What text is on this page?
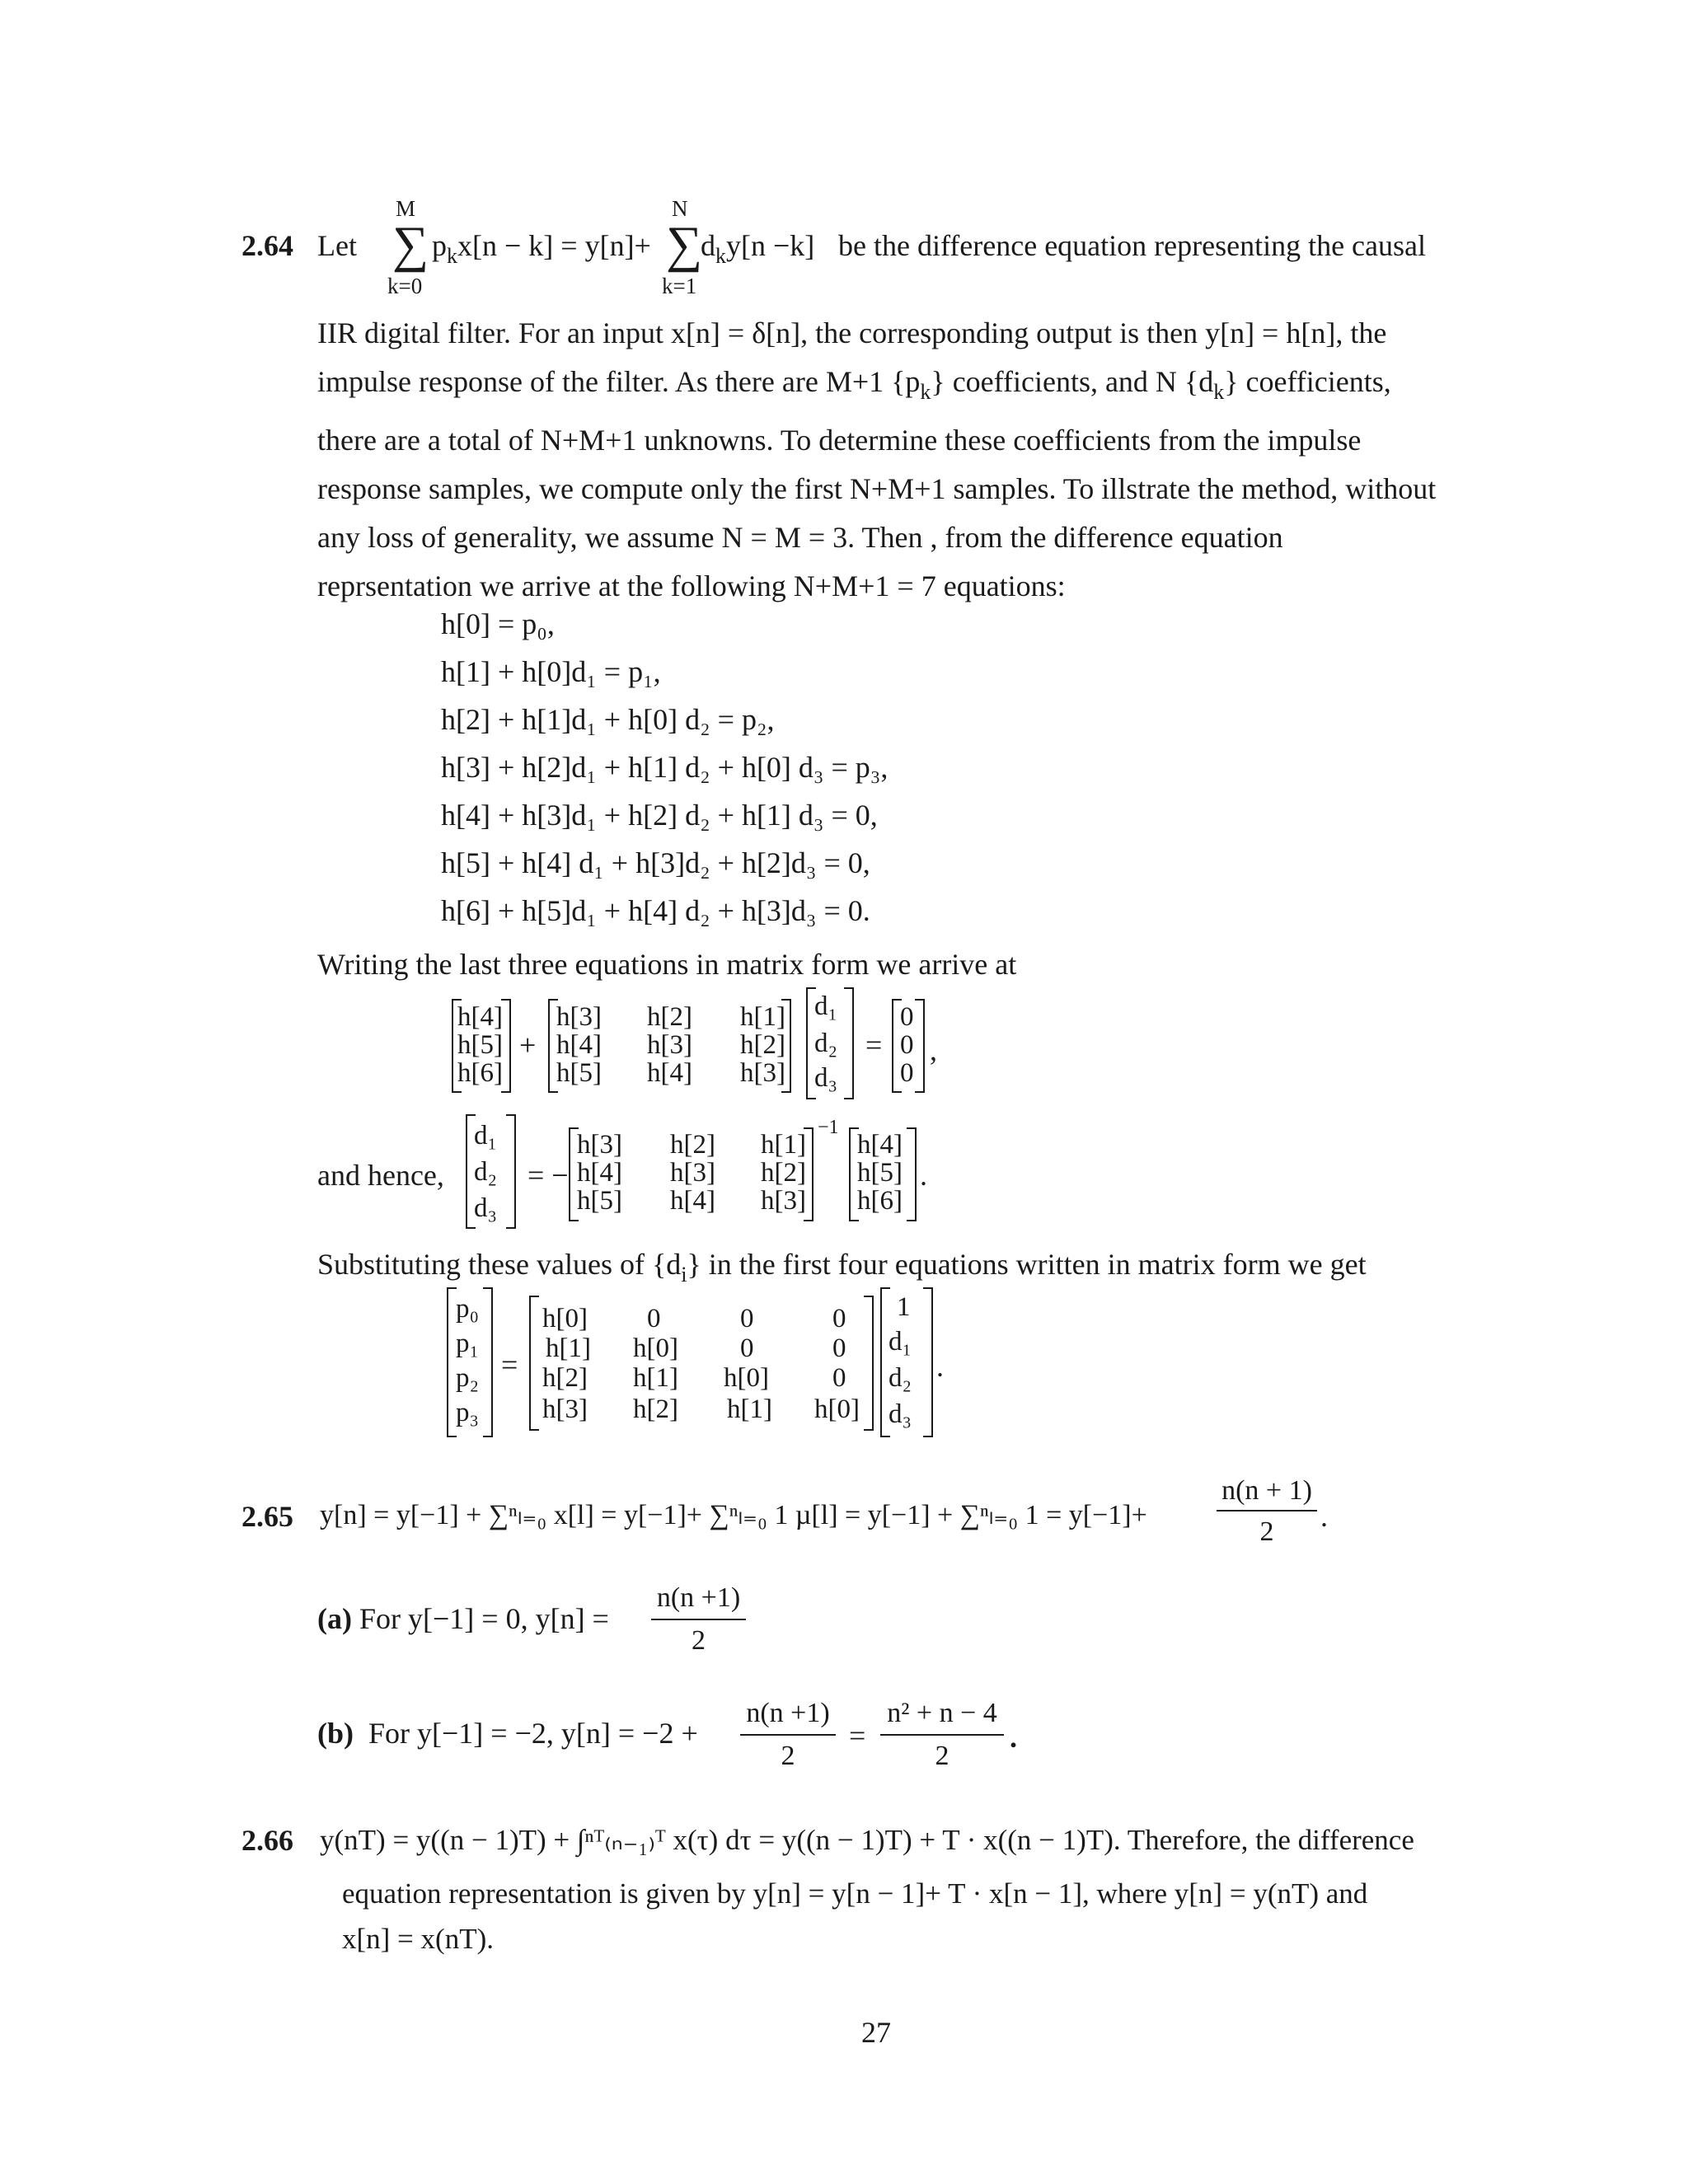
2.64 Let
M
∑
k=0
$p_kx[n - k] = y[n]+$
N
∑
k=1
$d_ky[n -k]$ be the difference equation representing the causal
IIR digital filter. For an input x[n] = δ[n], the corresponding output is then y[n] = h[n], the
impulse response of the filter. As there are M+1 $\{p_k\}$ coefficients, and N $\{d_k\}$ coefficients,
there are a total of N+M+1 unknowns. To determine these coefficients from the impulse
response samples, we compute only the first N+M+1 samples. To illstrate the method, without
any loss of generality, we assume N = M = 3. Then , from the difference equation
reprsentation we arrive at the following N+M+1 = 7 equations:
h[0] = p₀,
h[1] + h[0]d₁ = p₁,
h[2] + h[1]d₁ + h[0] d₂ = p₂,
h[3] + h[2]d₁ + h[1] d₂ + h[0] d₃ = p₃,
h[4] + h[3]d₁ + h[2] d₂ + h[1] d₃ = 0,
h[5] + h[4] d₁ + h[3]d₂ + h[2]d₃ = 0,
h[6] + h[5]d₁ + h[4] d₂ + h[3]d₃ = 0.
Writing the last three equations in matrix form we arrive at
h[4]
h[5]
h[6]
+
h[3] h[2] h[1]
h[4] h[3] h[2]
h[5] h[4] h[3]
d₁
d₂
d₃
=
0
0
0
,
and hence,
d₁
d₂
d₃
= −
h[3] h[2] h[1]
h[4] h[3] h[2]
h[5] h[4] h[3]
−1
h[4]
h[5]
h[6]
.
Substituting these values of $\{d_i\}$ in the first four equations written in matrix form we get
p₀
p₁
p₂
p₃
=
h[0] 0	0	0
h[1] h[0] 0	0
h[2] h[1] h[0] 0
h[3] h[2] h[1] h[0]
1
d₁
d₂
d₃
.
2.65 y[n] = y[−1] + ∑ⁿₗ₌₀ x[l] = y[−1]+ ∑ⁿₗ₌₀ 1 µ[l] = y[−1] + ∑ⁿₗ₌₀ 1 = y[−1]+
n(n + 1)
2	.
(a) For y[−1] = 0, y[n] =
n(n +1)
2
(b) For y[−1] = −2, y[n] = −2 +
n(n +1)
2
=
n² + n − 4
2
.
2.66 y(nT) = y((n − 1)T) + ∫ⁿᵀ₍ₙ₋₁₎ᵀ x(τ) dτ = y((n − 1)T) + T · x((n − 1)T). Therefore, the difference
equation representation is given by y[n] = y[n − 1]+ T · x[n − 1], where y[n] = y(nT) and
x[n] = x(nT).
27
